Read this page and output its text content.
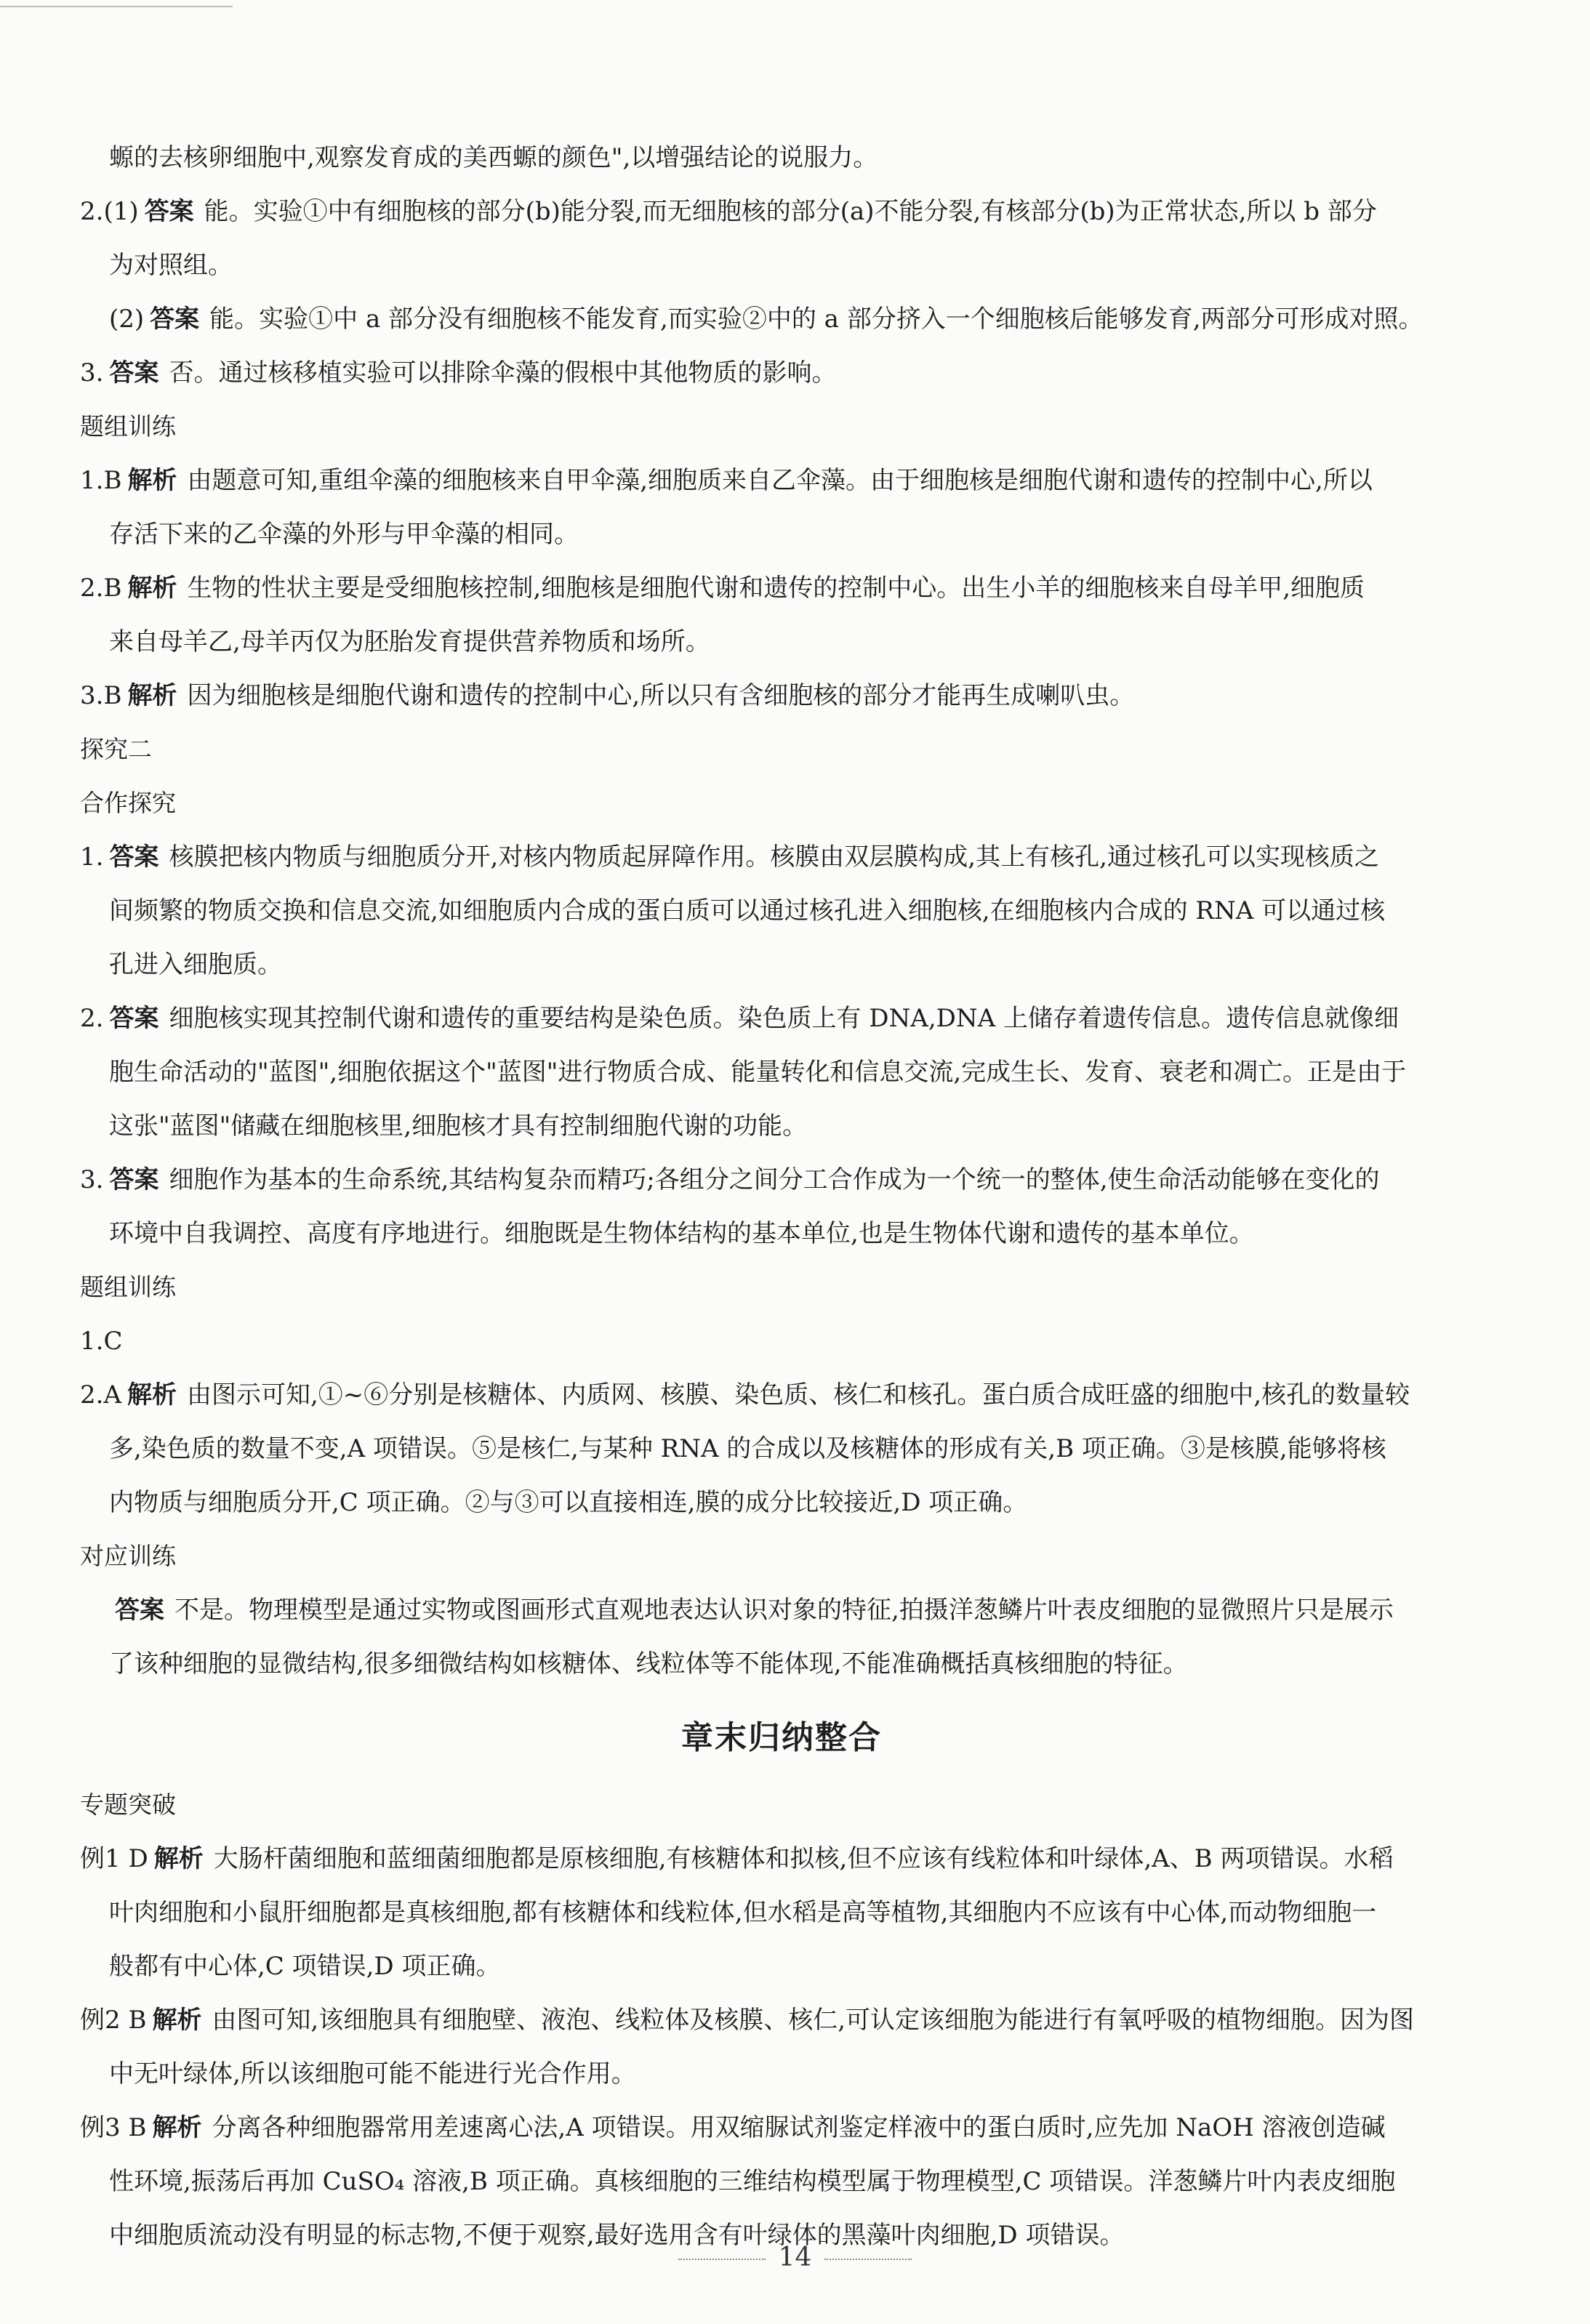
螈的去核卵细胞中,观察发育成的美西螈的颜色",以增强结论的说服力。
2.(1) 答案 能。实验①中有细胞核的部分(b)能分裂,而无细胞核的部分(a)不能分裂,有核部分(b)为正常状态,所以 b 部分
为对照组。
(2) 答案 能。实验①中 a 部分没有细胞核不能发育,而实验②中的 a 部分挤入一个细胞核后能够发育,两部分可形成对照。
3. 答案 否。通过核移植实验可以排除伞藻的假根中其他物质的影响。
题组训练
1.B 解析 由题意可知,重组伞藻的细胞核来自甲伞藻,细胞质来自乙伞藻。由于细胞核是细胞代谢和遗传的控制中心,所以
存活下来的乙伞藻的外形与甲伞藻的相同。
2.B 解析 生物的性状主要是受细胞核控制,细胞核是细胞代谢和遗传的控制中心。出生小羊的细胞核来自母羊甲,细胞质
来自母羊乙,母羊丙仅为胚胎发育提供营养物质和场所。
3.B 解析 因为细胞核是细胞代谢和遗传的控制中心,所以只有含细胞核的部分才能再生成喇叭虫。
探究二
合作探究
1. 答案 核膜把核内物质与细胞质分开,对核内物质起屏障作用。核膜由双层膜构成,其上有核孔,通过核孔可以实现核质之
间频繁的物质交换和信息交流,如细胞质内合成的蛋白质可以通过核孔进入细胞核,在细胞核内合成的 RNA 可以通过核
孔进入细胞质。
2. 答案 细胞核实现其控制代谢和遗传的重要结构是染色质。染色质上有 DNA,DNA 上储存着遗传信息。遗传信息就像细
胞生命活动的"蓝图",细胞依据这个"蓝图"进行物质合成、能量转化和信息交流,完成生长、发育、衰老和凋亡。正是由于
这张"蓝图"储藏在细胞核里,细胞核才具有控制细胞代谢的功能。
3. 答案 细胞作为基本的生命系统,其结构复杂而精巧;各组分之间分工合作成为一个统一的整体,使生命活动能够在变化的
环境中自我调控、高度有序地进行。细胞既是生物体结构的基本单位,也是生物体代谢和遗传的基本单位。
题组训练
1.C
2.A 解析 由图示可知,①~⑥分别是核糖体、内质网、核膜、染色质、核仁和核孔。蛋白质合成旺盛的细胞中,核孔的数量较
多,染色质的数量不变,A 项错误。⑤是核仁,与某种 RNA 的合成以及核糖体的形成有关,B 项正确。③是核膜,能够将核
内物质与细胞质分开,C 项正确。②与③可以直接相连,膜的成分比较接近,D 项正确。
对应训练
答案 不是。物理模型是通过实物或图画形式直观地表达认识对象的特征,拍摄洋葱鳞片叶表皮细胞的显微照片只是展示
了该种细胞的显微结构,很多细微结构如核糖体、线粒体等不能体现,不能准确概括真核细胞的特征。
章末归纳整合
专题突破
例1 D 解析 大肠杆菌细胞和蓝细菌细胞都是原核细胞,有核糖体和拟核,但不应该有线粒体和叶绿体,A、B 两项错误。水稻
叶肉细胞和小鼠肝细胞都是真核细胞,都有核糖体和线粒体,但水稻是高等植物,其细胞内不应该有中心体,而动物细胞一
般都有中心体,C 项错误,D 项正确。
例2 B 解析 由图可知,该细胞具有细胞壁、液泡、线粒体及核膜、核仁,可认定该细胞为能进行有氧呼吸的植物细胞。因为图
中无叶绿体,所以该细胞可能不能进行光合作用。
例3 B 解析 分离各种细胞器常用差速离心法,A 项错误。用双缩脲试剂鉴定样液中的蛋白质时,应先加 NaOH 溶液创造碱
性环境,振荡后再加 CuSO₄ 溶液,B 项正确。真核细胞的三维结构模型属于物理模型,C 项错误。洋葱鳞片叶内表皮细胞
中细胞质流动没有明显的标志物,不便于观察,最好选用含有叶绿体的黑藻叶肉细胞,D 项错误。
14
